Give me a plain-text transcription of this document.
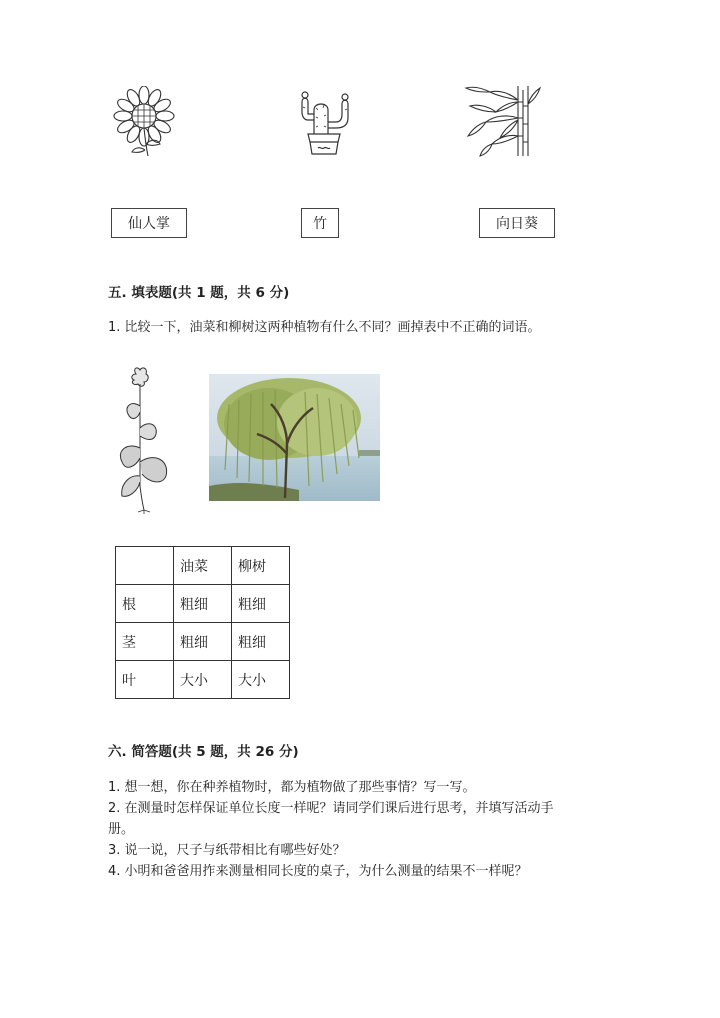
仙人掌	竹	向日葵
五. 填表题(共 1 题，共 6 分)
1. 比较一下，油菜和柳树这两种植物有什么不同？画掉表中不正确的词语。
	油菜	柳树
根	粗细	粗细
茎	粗细	粗细
叶	大小	大小
六. 简答题(共 5 题，共 26 分)
1. 想一想，你在种养植物时，都为植物做了那些事情？写一写。
2. 在测量时怎样保证单位长度一样呢？请同学们课后进行思考，并填写活动手
册。
3. 说一说，尺子与纸带相比有哪些好处？
4. 小明和爸爸用拃来测量相同长度的桌子，为什么测量的结果不一样呢？
